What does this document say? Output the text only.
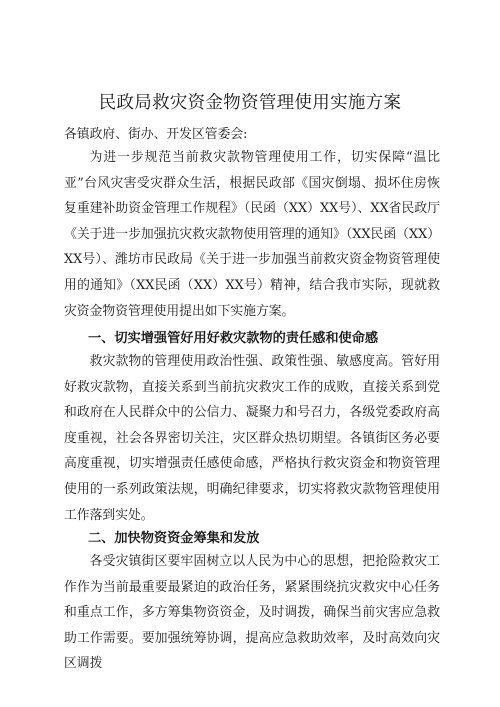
民政局救灾资金物资管理使用实施方案
各镇政府、街办、开发区管委会:

为进一步规范当前救灾款物管理使用工作，切实保障“温比亚”台风灾害受灾群众生活，根据民政部《国灾倒塌、损坏住房恢复重建补助资金管理工作规程》（民函（XX）XX号）、XX省民政厅《关于进一步加强抗灾救灾款物使用管理的通知》（XX民函（XX）XX号）、潍坊市民政局《关于进一步加强当前救灾资金物资管理使用的通知》（XX民函（XX）XX号）精神，结合我市实际，现就救灾资金物资管理使用提出如下实施方案。

一、切实增强管好用好救灾款物的责任感和使命感

救灾款物的管理使用政治性强、政策性强、敏感度高。管好用好救灾款物，直接关系到当前抗灾救灾工作的成败，直接关系到党和政府在人民群众中的公信力、凝聚力和号召力，各级党委政府高度重视，社会各界密切关注，灾区群众热切期望。各镇街区务必要高度重视，切实增强责任感使命感，严格执行救灾资金和物资管理使用的一系列政策法规，明确纪律要求，切实将救灾款物管理使用工作落到实处。

二、加快物资资金筹集和发放

各受灾镇街区要牢固树立以人民为中心的思想，把抢险救灾工作作为当前最重要最紧迫的政治任务，紧紧围绕抗灾救灾中心任务和重点工作，多方筹集物资资金，及时调拨，确保当前灾害应急救助工作需要。要加强统筹协调，提高应急救助效率，及时高效向灾区调拨
